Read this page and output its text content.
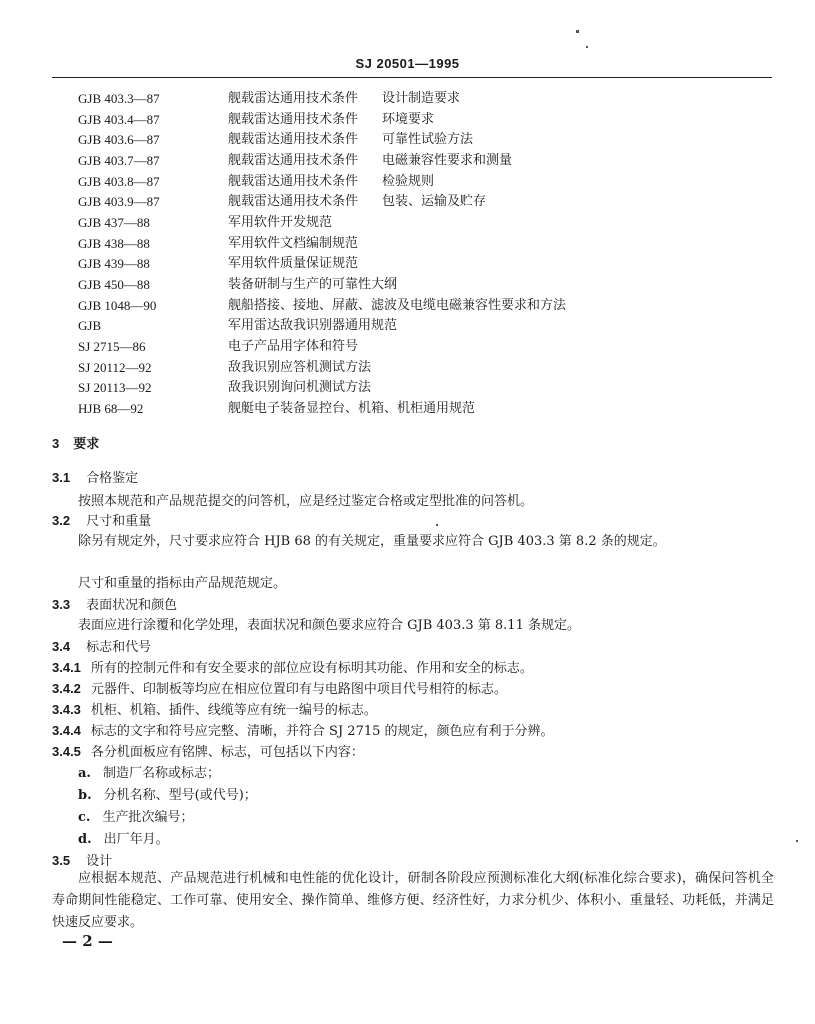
SJ 20501—1995
GJB 403.3—87	舰载雷达通用技术条件 设计制造要求
GJB 403.4—87	舰载雷达通用技术条件 环境要求
GJB 403.6—87	舰载雷达通用技术条件 可靠性试验方法
GJB 403.7—87	舰载雷达通用技术条件 电磁兼容性要求和测量
GJB 403.8—87	舰载雷达通用技术条件 检验规则
GJB 403.9—87	舰载雷达通用技术条件 包装、运输及贮存
GJB 437—88	军用软件开发规范
GJB 438—88	军用软件文档编制规范
GJB 439—88	军用软件质量保证规范
GJB 450—88	装备研制与生产的可靠性大纲
GJB 1048—90	舰船搭接、接地、屏蔽、滤波及电缆电磁兼容性要求和方法
GJB	军用雷达敌我识别器通用规范
SJ 2715—86	电子产品用字体和符号
SJ 20112—92	敌我识别应答机测试方法
SJ 20113—92	敌我识别询问机测试方法
HJB 68—92	舰艇电子装备显控台、机箱、机柜通用规范
3 要求
3.1 合格鉴定
按照本规范和产品规范提交的问答机，应是经过鉴定合格或定型批准的问答机。
3.2 尺寸和重量
除另有规定外，尺寸要求应符合 HJB 68 的有关规定，重量要求应符合 GJB 403.3 第 8.2 条的规定。
尺寸和重量的指标由产品规范规定。
3.3 表面状况和颜色
表面应进行涂覆和化学处理，表面状况和颜色要求应符合 GJB 403.3 第 8.11 条规定。
3.4 标志和代号
3.4.1 所有的控制元件和有安全要求的部位应设有标明其功能、作用和安全的标志。
3.4.2 元器件、印制板等均应在相应位置印有与电路图中项目代号相符的标志。
3.4.3 机柜、机箱、插件、线缆等应有统一编号的标志。
3.4.4 标志的文字和符号应完整、清晰，并符合 SJ 2715 的规定，颜色应有利于分辨。
3.4.5 各分机面板应有铭牌、标志，可包括以下内容：
a. 制造厂名称或标志；
b. 分机名称、型号(或代号)；
c. 生产批次编号；
d. 出厂年月。
3.5 设计
应根据本规范、产品规范进行机械和电性能的优化设计，研制各阶段应预测标准化大纲(标准化综合要求)，确保问答机全寿命期间性能稳定、工作可靠、使用安全、操作简单、维修方便、经济性好，力求分机少、体积小、重量轻、功耗低，并满足快速反应要求。
— 2 —
